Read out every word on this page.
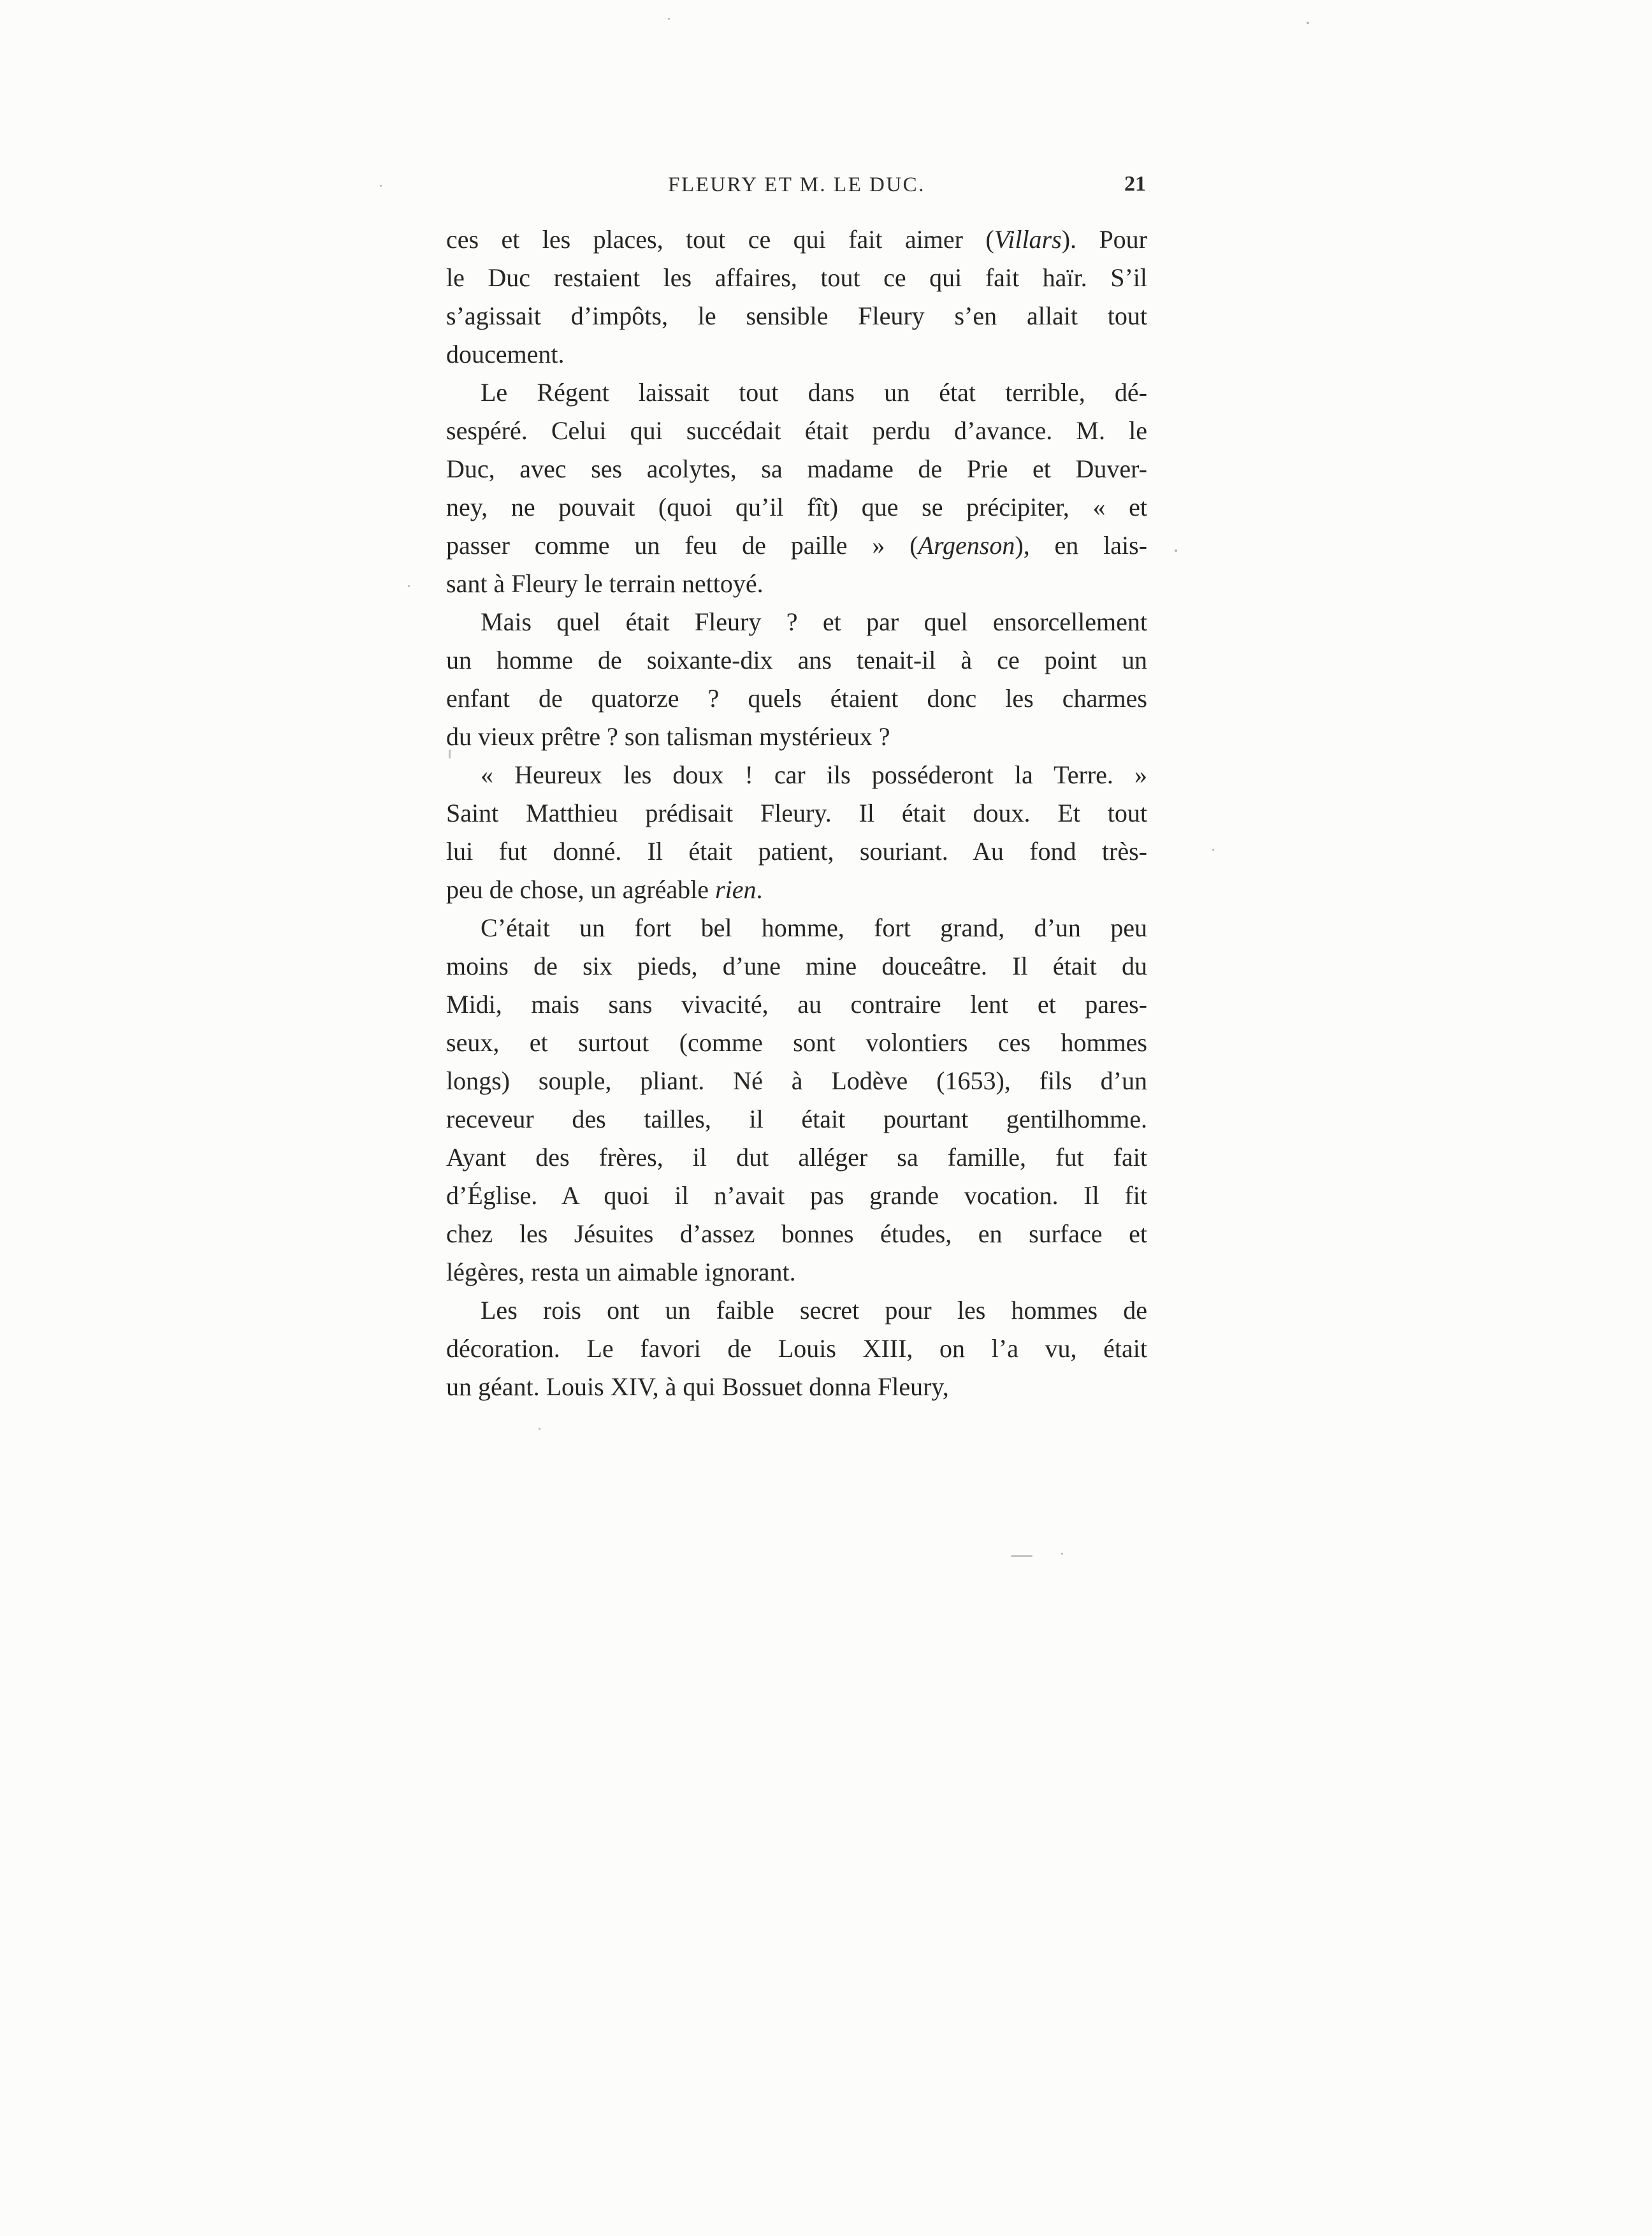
FLEURY ET M. LE DUC.	21
ces et les places, tout ce qui fait aimer (Villars). Pour
le Duc restaient les affaires, tout ce qui fait haïr. S’il
s’agissait d’impôts, le sensible Fleury s’en allait tout
doucement.
Le Régent laissait tout dans un état terrible, dé-
sespéré. Celui qui succédait était perdu d’avance. M. le
Duc, avec ses acolytes, sa madame de Prie et Duver-
ney, ne pouvait (quoi qu’il fît) que se précipiter, « et
passer comme un feu de paille » (Argenson), en lais-
sant à Fleury le terrain nettoyé.
Mais quel était Fleury ? et par quel ensorcellement
un homme de soixante-dix ans tenait-il à ce point un
enfant de quatorze ? quels étaient donc les charmes
du vieux prêtre ? son talisman mystérieux ?
« Heureux les doux ! car ils posséderont la Terre. »
Saint Matthieu prédisait Fleury. Il était doux. Et tout
lui fut donné. Il était patient, souriant. Au fond très-
peu de chose, un agréable rien.
C’était un fort bel homme, fort grand, d’un peu
moins de six pieds, d’une mine douceâtre. Il était du
Midi, mais sans vivacité, au contraire lent et pares-
seux, et surtout (comme sont volontiers ces hommes
longs) souple, pliant. Né à Lodève (1653), fils d’un
receveur des tailles, il était pourtant gentilhomme.
Ayant des frères, il dut alléger sa famille, fut fait
d’Église. A quoi il n’avait pas grande vocation. Il fit
chez les Jésuites d’assez bonnes études, en surface et
légères, resta un aimable ignorant.
Les rois ont un faible secret pour les hommes de
décoration. Le favori de Louis XIII, on l’a vu, était
un géant. Louis XIV, à qui Bossuet donna Fleury,
